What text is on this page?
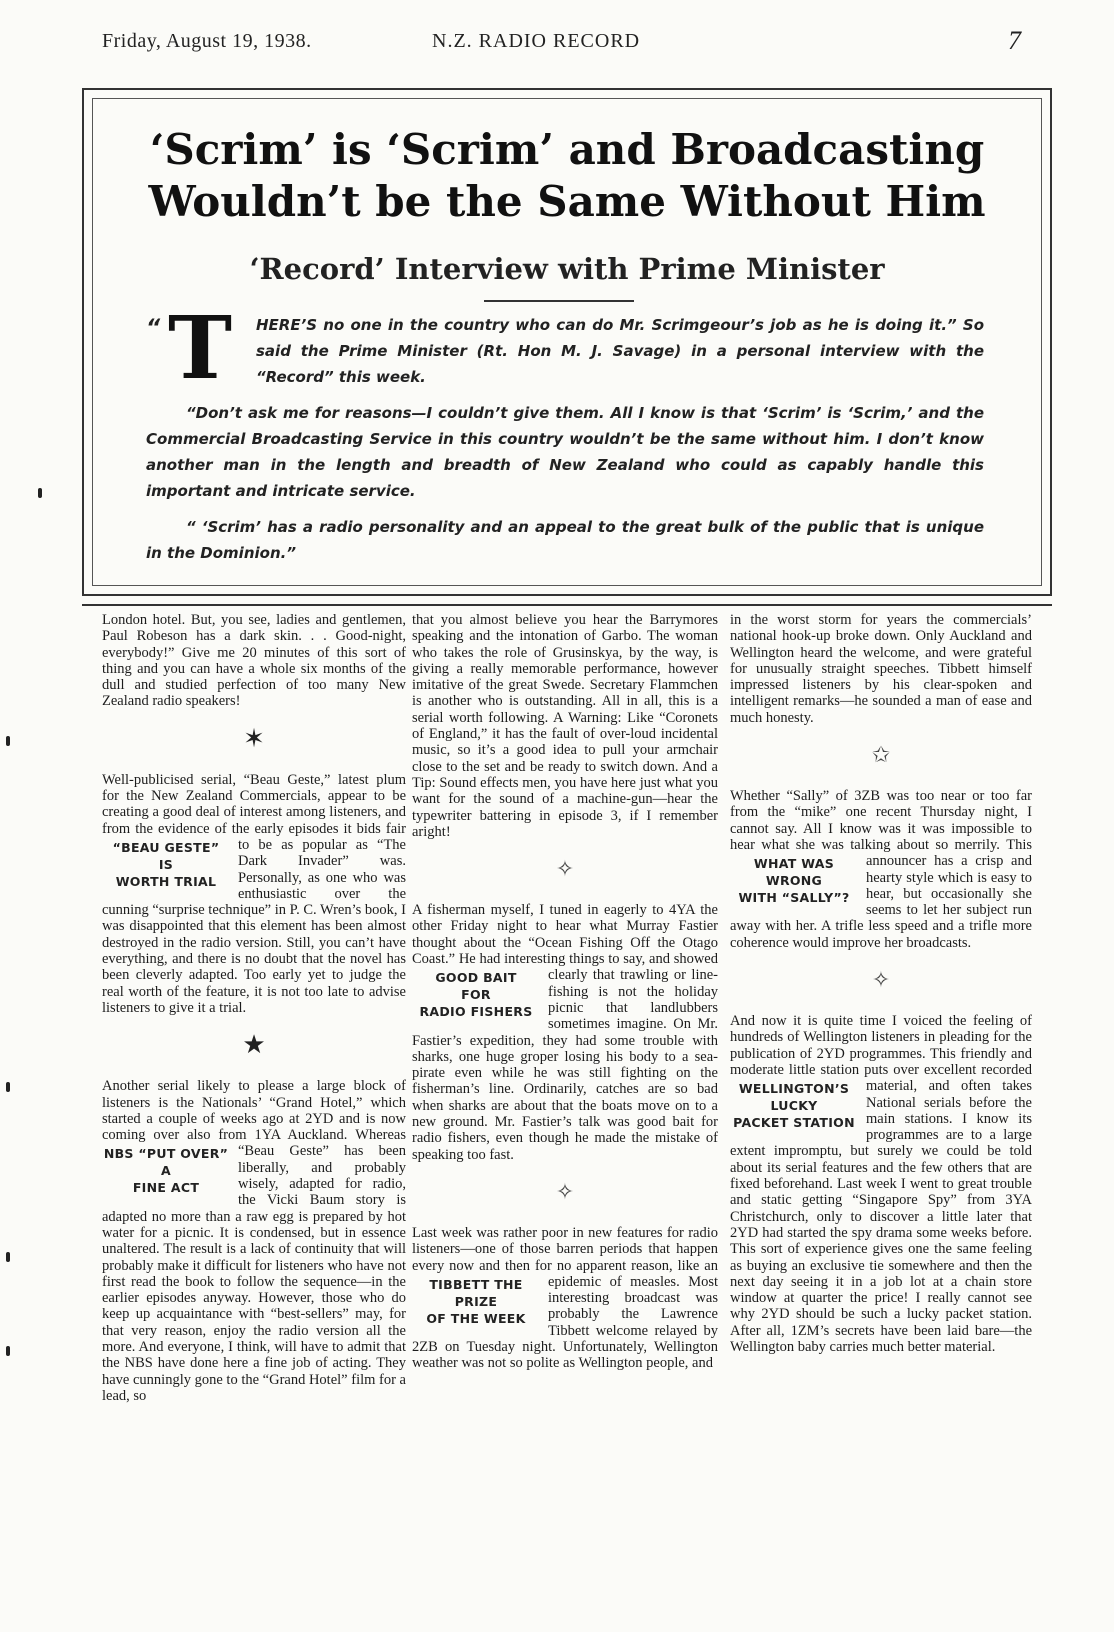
Friday, August 19, 1938.	N.Z. RADIO RECORD	7
‘Scrim’ is ‘Scrim’ and Broadcasting
Wouldn’t be the Same Without Him
‘Record’ Interview with Prime Minister

“ T HERE’S no one in the country who can do Mr. Scrimgeour’s job as he is doing it.” So said the Prime Minister (Rt. Hon M. J. Savage) in a personal interview with the “Record” this week.

“Don’t ask me for reasons—I couldn’t give them. All I know is that ‘Scrim’ is ‘Scrim,’ and the Commercial Broadcasting Service in this country wouldn’t be the same without him. I don’t know another man in the length and breadth of New Zealand who could as capably handle this important and intricate service.

“ ‘Scrim’ has a radio personality and an appeal to the great bulk of the public that is unique in the Dominion.”

London hotel. But, you see, ladies and gentlemen, Paul Robeson has a dark skin. . . Good-night, everybody!” Give me 20 minutes of this sort of thing and you can have a whole six months of the dull and studied perfection of too many New Zealand radio speakers!

✶

Well-publicised serial, “Beau Geste,” latest plum for the New Zealand Commercials, appear to be creating a good deal of interest among listeners, and from the evidence of the early
“BEAU GESTE”
IS
WORTH TRIAL
episodes it bids fair to be as popular as “The Dark Invader” was. Personally, as one who was enthusiastic over the cunning “surprise technique” in P. C. Wren’s book, I was disappointed that this element has been almost destroyed in the radio version. Still, you can’t have everything, and there is no doubt that the novel has been cleverly adapted. Too early yet to judge the real worth of the feature, it is not too late to advise listeners to give it a trial.

★

Another serial likely to please a large block of listeners is the Nationals’ “Grand Hotel,” which started a couple of weeks ago at 2YD and is now coming over also from 1YA Auckland.
NBS “PUT OVER”
A
FINE ACT
Whereas “Beau Geste” has been liberally, and probably wisely, adapted for radio, the Vicki Baum story is adapted no more than a raw egg is prepared by hot water for a picnic. It is condensed, but in essence unaltered. The result is a lack of continuity that will probably make it difficult for listeners who have not first read the book to follow the sequence—in the earlier episodes anyway. However, those who do keep up acquaintance with “best-sellers” may, for that very reason, enjoy the radio version all the more. And everyone, I think, will have to admit that the NBS have done here a fine job of acting. They have cunningly gone to the “Grand Hotel” film for a lead, so

that you almost believe you hear the Barrymores speaking and the intonation of Garbo. The woman who takes the role of Grusinskya, by the way, is giving a really memorable performance, however imitative of the great Swede. Secretary Flammchen is another who is outstanding. All in all, this is a serial worth following. A Warning: Like “Coronets of England,” it has the fault of over-loud incidental music, so it’s a good idea to pull your armchair close to the set and be ready to switch down. And a Tip: Sound effects men, you have here just what you want for the sound of a machine-gun—hear the typewriter battering in episode 3, if I remember aright!

✧

A fisherman myself, I tuned in eagerly to 4YA the other Friday night to hear what Murray Fastier thought about the “Ocean Fishing Off the Otago Coast.” He had interesting things to
GOOD BAIT
FOR
RADIO FISHERS
say, and showed clearly that trawling or line-fishing is not the holiday picnic that landlubbers sometimes imagine. On Mr. Fastier’s expedition, they had some trouble with sharks, one huge groper losing his body to a sea-pirate even while he was still fighting on the fisherman’s line. Ordinarily, catches are so bad when sharks are about that the boats move on to a new ground. Mr. Fastier’s talk was good bait for radio fishers, even though he made the mistake of speaking too fast.

✧

Last week was rather poor in new features for radio listeners—one of those barren periods that happen every now and then for no apparent reason, like an epidemic of measles.
TIBBETT THE
PRIZE
OF THE WEEK
Most interesting broadcast was probably the Lawrence Tibbett welcome relayed by 2ZB on Tuesday night. Unfortunately, Wellington weather was not so polite as Wellington people, and

in the worst storm for years the commercials’ national hook-up broke down. Only Auckland and Wellington heard the welcome, and were grateful for unusually straight speeches. Tibbett himself impressed listeners by his clear-spoken and intelligent remarks—he sounded a man of ease and much honesty.

✩

Whether “Sally” of 3ZB was too near or too far from the “mike” one recent Thursday night, I cannot say. All I know was it was impossible to hear what she was talking about so merrily.
WHAT WAS
WRONG
WITH “SALLY”?
This announcer has a crisp and hearty style which is easy to hear, but occasionally she seems to let her subject run away with her. A trifle less speed and a trifle more coherence would improve her broadcasts.

✧

And now it is quite time I voiced the feeling of hundreds of Wellington listeners in pleading for the publication of 2YD programmes. This friendly and moderate little station puts over
WELLINGTON’S
LUCKY
PACKET STATION
excellent recorded material, and often takes National serials before the main stations. I know its programmes are to a large extent impromptu, but surely we could be told about its serial features and the few others that are fixed beforehand. Last week I went to great trouble and static getting “Singapore Spy” from 3YA Christchurch, only to discover a little later that 2YD had started the spy drama some weeks before. This sort of experience gives one the same feeling as buying an exclusive tie somewhere and then the next day seeing it in a job lot at a chain store window at quarter the price! I really cannot see why 2YD should be such a lucky packet station. After all, 1ZM’s secrets have been laid bare—the Wellington baby carries much better material.
